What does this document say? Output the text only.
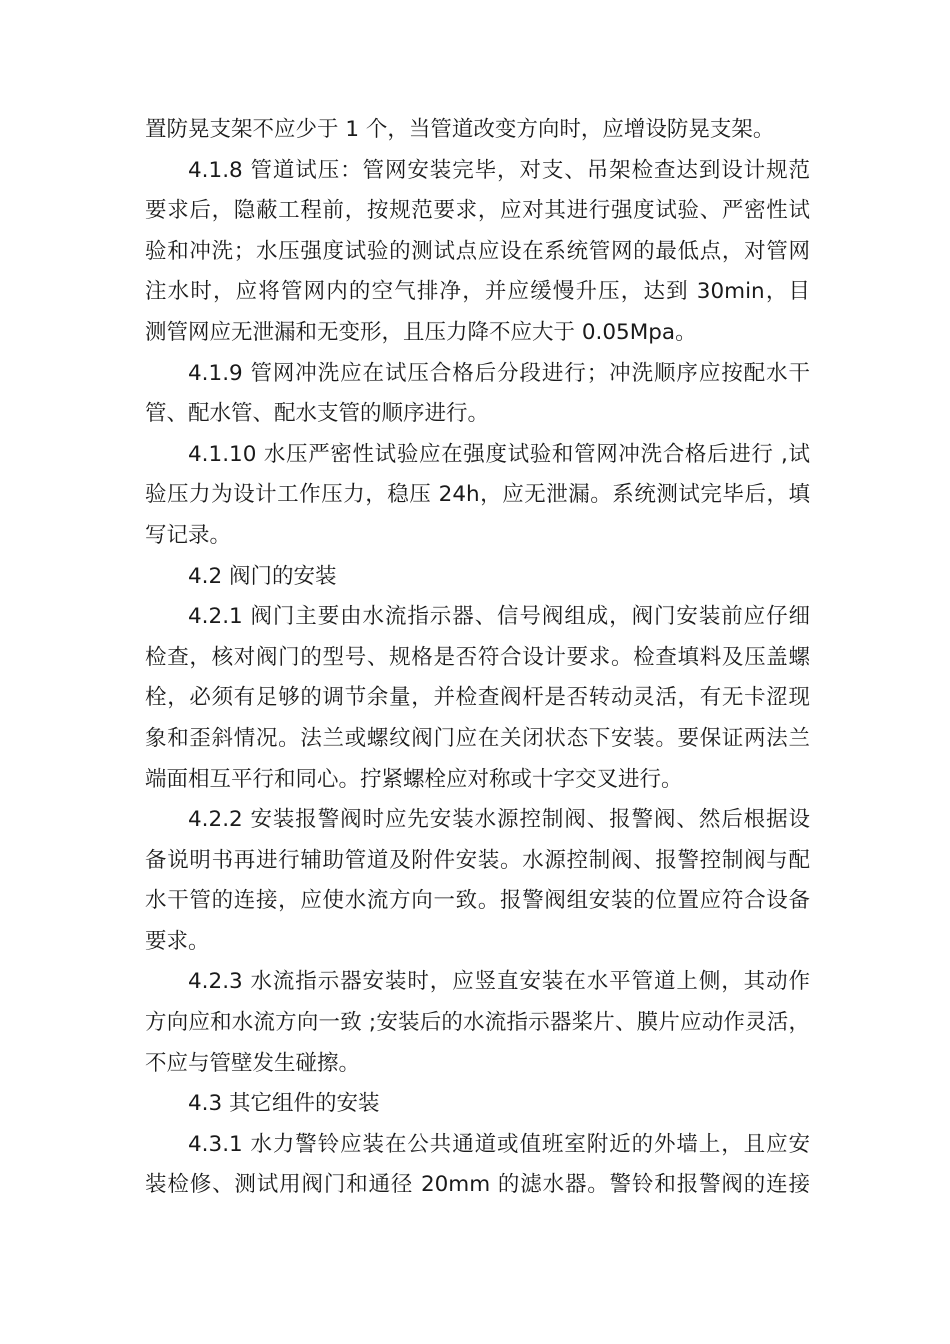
置防晃支架不应少于 1 个，当管道改变方向时，应增设防晃支架。
4.1.8 管道试压：管网安装完毕，对支、吊架检查达到设计规范
要求后，隐蔽工程前，按规范要求，应对其进行强度试验、严密性试
验和冲洗；水压强度试验的测试点应设在系统管网的最低点，对管网
注水时，应将管网内的空气排净，并应缓慢升压，达到 30min，目
测管网应无泄漏和无变形，且压力降不应大于 0.05Mpa。
4.1.9 管网冲洗应在试压合格后分段进行；冲洗顺序应按配水干
管、配水管、配水支管的顺序进行。
4.1.10 水压严密性试验应在强度试验和管网冲洗合格后进行 ,试
验压力为设计工作压力，稳压 24h，应无泄漏。系统测试完毕后，填
写记录。
4.2 阀门的安装
4.2.1 阀门主要由水流指示器、信号阀组成，阀门安装前应仔细
检查，核对阀门的型号、规格是否符合设计要求。检查填料及压盖螺
栓，必须有足够的调节余量，并检查阀杆是否转动灵活，有无卡涩现
象和歪斜情况。法兰或螺纹阀门应在关闭状态下安装。要保证两法兰
端面相互平行和同心。拧紧螺栓应对称或十字交叉进行。
4.2.2 安装报警阀时应先安装水源控制阀、报警阀、然后根据设
备说明书再进行辅助管道及附件安装。水源控制阀、报警控制阀与配
水干管的连接，应使水流方向一致。报警阀组安装的位置应符合设备
要求。
4.2.3 水流指示器安装时，应竖直安装在水平管道上侧，其动作
方向应和水流方向一致 ;安装后的水流指示器桨片、膜片应动作灵活，
不应与管壁发生碰擦。
4.3 其它组件的安装
4.3.1 水力警铃应装在公共通道或值班室附近的外墙上，且应安
装检修、测试用阀门和通径 20mm 的滤水器。警铃和报警阀的连接
